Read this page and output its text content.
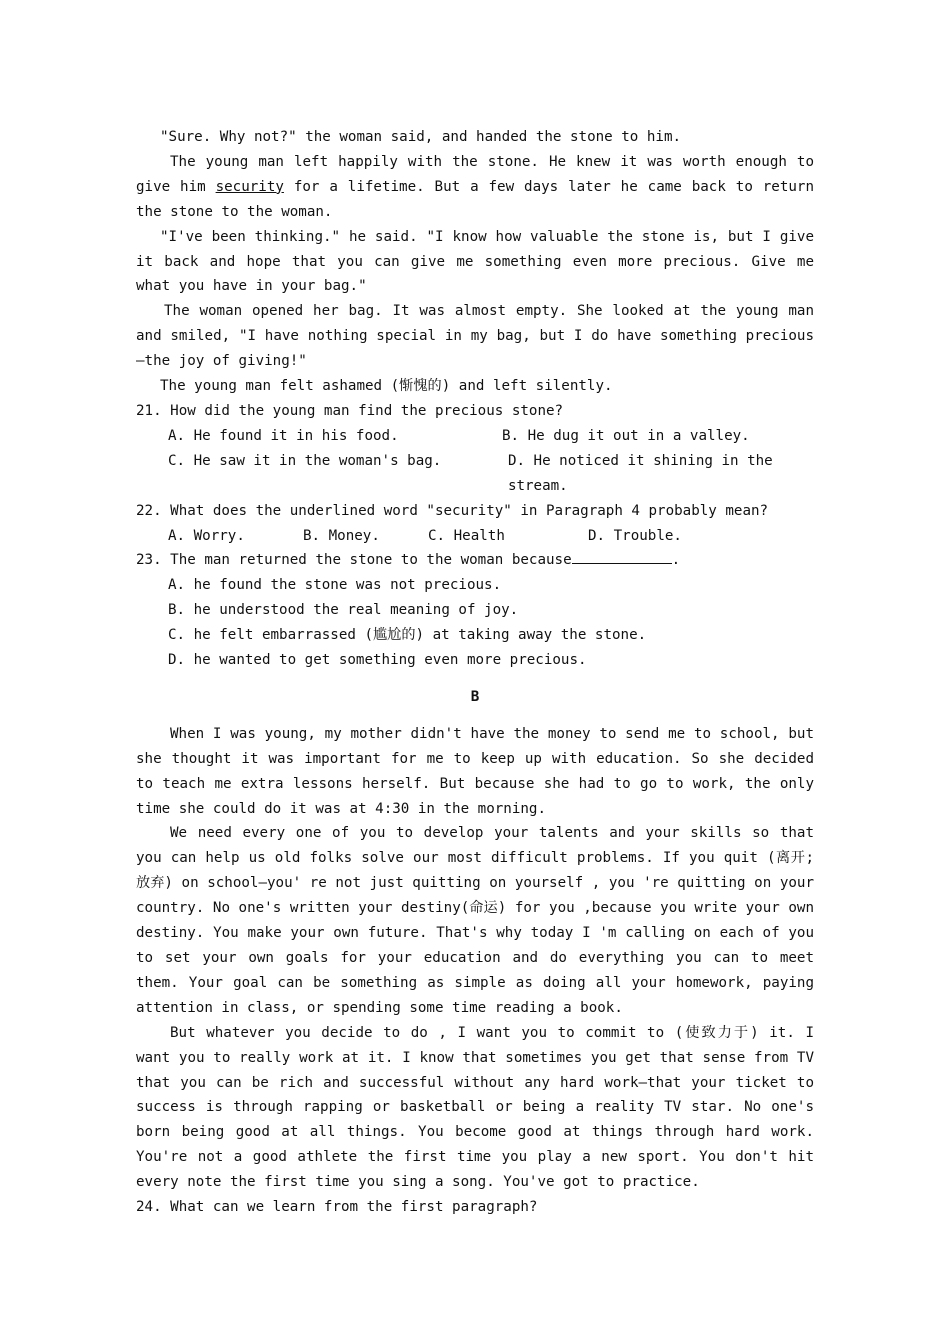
"Sure. Why not?" the woman said, and handed the stone to him.

The young man left happily with the stone. He knew it was worth enough to give him security for a lifetime. But a few days later he came back to return the stone to the woman.

"I've been thinking." he said. "I know how valuable the stone is, but I give it back and hope that you can give me something even more precious. Give me what you have in your bag."

The woman opened her bag. It was almost empty. She looked at the young man and smiled, "I have nothing special in my bag, but I do have something precious —the joy of giving!"

The young man felt ashamed (惭愧的) and left silently.

21. How did the young man find the precious stone?

A. He found it in his food.	B. He dug it out in a valley.
C. He saw it in the woman's bag.	D. He noticed it shining in the stream.

22. What does the underlined word "security" in Paragraph 4 probably mean?

A. Worry.	B. Money.	C. Health	D. Trouble.

23. The man returned the stone to the woman because	.

A. he found the stone was not precious.

B. he understood the real meaning of joy.

C. he felt embarrassed (尴尬的) at taking away the stone.

D. he wanted to get something even more precious.

B

When I was young, my mother didn't have the money to send me to school, but she thought it was important for me to keep up with education. So she decided to teach me extra lessons herself. But because she had to go to work, the only time she could do it was at 4:30 in the morning.

We need every one of you to develop your talents and your skills so that you can help us old folks solve our most difficult problems. If you quit (离开; 放弃) on school—you' re not just quitting on yourself , you 're quitting on your country. No one's written your destiny(命运) for you ,because you write your own destiny. You make your own future. That's why today I 'm calling on each of you to set your own goals for your education and do everything you can to meet them. Your goal can be something as simple as doing all your homework, paying attention in class, or spending some time reading a book.

But whatever you decide to do , I want you to commit to (使致力于) it. I want you to really work at it. I know that sometimes you get that sense from TV that you can be rich and successful without any hard work—that your ticket to success is through rapping or basketball or being a reality TV star. No one's born being good at all things. You become good at things through hard work. You're not a good athlete the first time you play a new sport. You don't hit every note the first time you sing a song. You've got to practice.

24. What can we learn from the first paragraph?
